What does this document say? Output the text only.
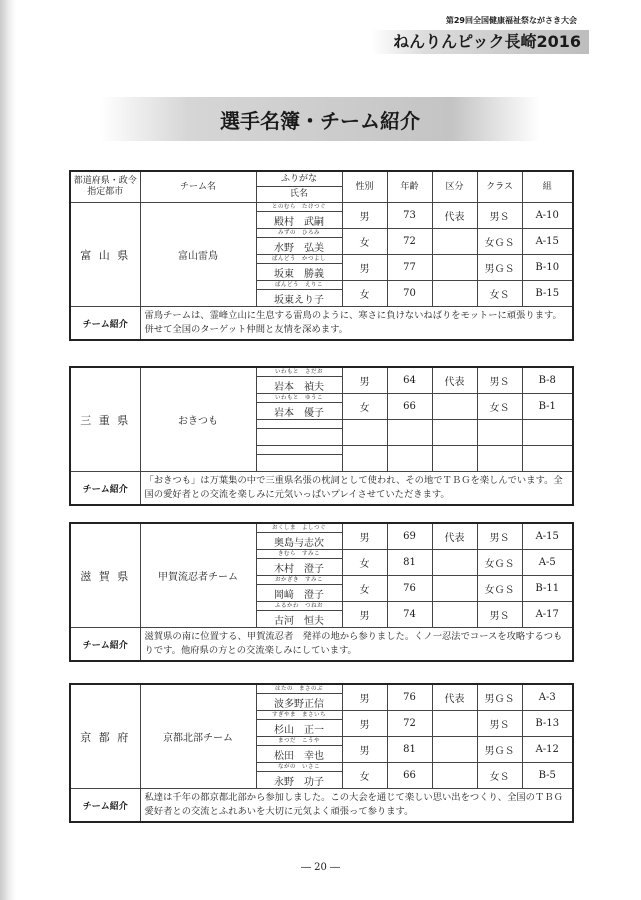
第29回全国健康福祉祭ながさき大会
ねんりんピック長崎2016
選手名簿・チーム紹介
都道府県・政令指定都市	チーム名	ふりがな	性別	年齢	区分	クラス	組
		氏名					
富 山 県	富山雷鳥	とのむら　たけつぐ	男	73	代表	男Ｓ	A-10
		殿村　武嗣					
		みずの　ひろみ	女	72		女ＧＳ	A-15
		水野　弘美					
		ばんどう　かつよし	男	77		男ＧＳ	B-10
		坂東　勝義					
		ばんどう　えりこ	女	70		女Ｓ	B-15
		坂東えり子					
チーム紹介	雷鳥チームは、霊峰立山に生息する雷鳥のように、寒さに負けないねばりをモットーに頑張ります。併せて全国のターゲット仲間と友情を深めます。						
三 重 県	おきつも	いわもと　さだお	男	64	代表	男Ｓ	B-8
		岩本　禎夫					
		いわもと　ゆうこ	女	66		女Ｓ	B-1
		岩本　優子					

チーム紹介	「おきつも」は万葉集の中で三重県名張の枕詞として使われ、その地でＴＢＧを楽しんでいます。全国の愛好者との交流を楽しみに元気いっぱいプレイさせていただきます。						
滋 賀 県	甲賀流忍者チーム	おくしま　よしつぐ	男	69	代表	男Ｓ	A-15
		奥島与志次					
		きむら　すみこ	女	81		女ＧＳ	A-5
		木村　澄子					
		おかざき　すみこ	女	76		女ＧＳ	B-11
		岡﨑　澄子					
		ふるかわ　つねお	男	74		男Ｓ	A-17
		古河　恒夫					
チーム紹介	滋賀県の南に位置する、甲賀流忍者　発祥の地から参りました。くノ一忍法でコースを攻略するつもりです。他府県の方との交流楽しみにしています。						
京 都 府	京都北部チーム	はたの　まさのぶ	男	76	代表	男ＧＳ	A-3
		波多野正信					
		すぎやま　まさいち	男	72		男Ｓ	B-13
		杉山　正一					
		まつだ　こうや	男	81		男ＧＳ	A-12
		松田　幸也					
		ながの　いさこ	女	66		女Ｓ	B-5
		永野　功子					
チーム紹介	私達は千年の都京都北部から参加しました。この大会を通じて楽しい思い出をつくり、全国のＴＢＧ愛好者との交流とふれあいを大切に元気よく頑張って参ります。						
― 20 ―
